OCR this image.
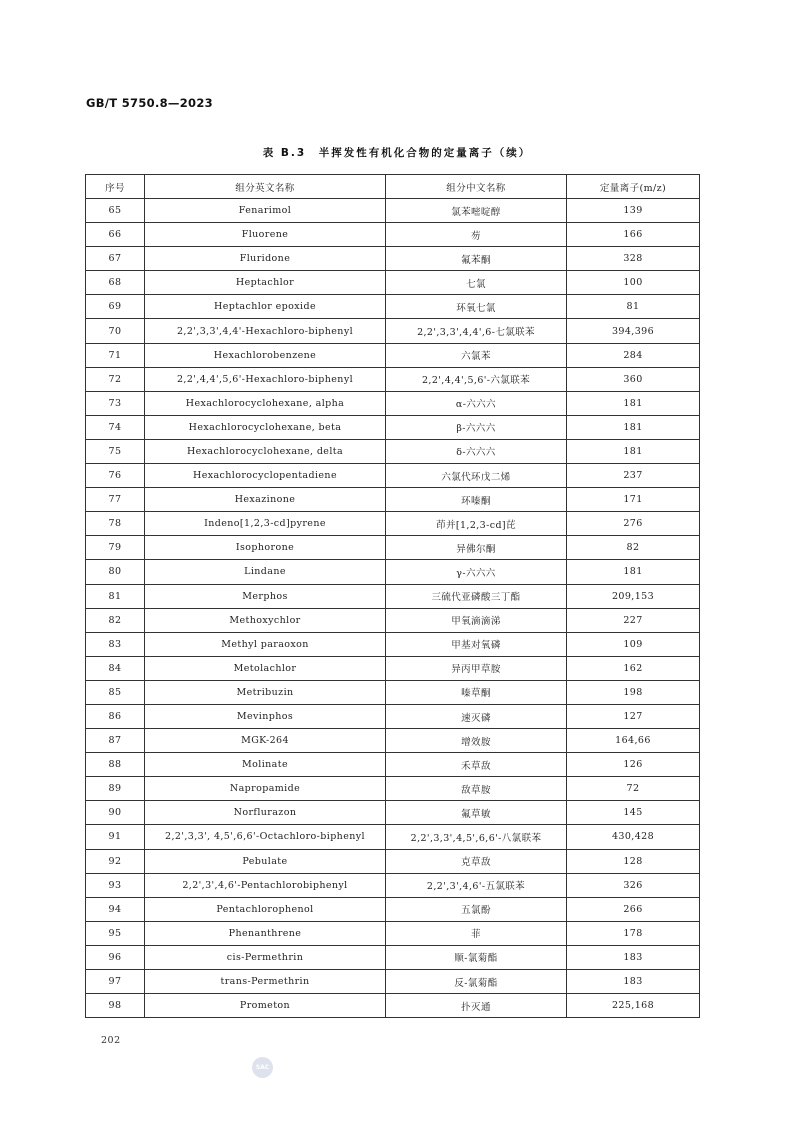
GB/T 5750.8—2023
表 B.3　半挥发性有机化合物的定量离子（续）
序号	组分英文名称	组分中文名称	定量离子(m/z)
65	Fenarimol	氯苯嘧啶醇	139
66	Fluorene	芴	166
67	Fluridone	氟苯酮	328
68	Heptachlor	七氯	100
69	Heptachlor epoxide	环氧七氯	81
70	2,2',3,3',4,4'-Hexachloro-biphenyl	2,2',3,3',4,4',6-七氯联苯	394,396
71	Hexachlorobenzene	六氯苯	284
72	2,2',4,4',5,6'-Hexachloro-biphenyl	2,2',4,4',5,6'-六氯联苯	360
73	Hexachlorocyclohexane, alpha	α-六六六	181
74	Hexachlorocyclohexane, beta	β-六六六	181
75	Hexachlorocyclohexane, delta	δ-六六六	181
76	Hexachlorocyclopentadiene	六氯代环戊二烯	237
77	Hexazinone	环嗪酮	171
78	Indeno[1,2,3-cd]pyrene	茚并[1,2,3-cd]芘	276
79	Isophorone	异佛尔酮	82
80	Lindane	γ-六六六	181
81	Merphos	三硫代亚磷酸三丁酯	209,153
82	Methoxychlor	甲氧滴滴涕	227
83	Methyl paraoxon	甲基对氧磷	109
84	Metolachlor	异丙甲草胺	162
85	Metribuzin	嗪草酮	198
86	Mevinphos	速灭磷	127
87	MGK-264	增效胺	164,66
88	Molinate	禾草敌	126
89	Napropamide	敌草胺	72
90	Norflurazon	氟草敏	145
91	2,2',3,3', 4,5',6,6'-Octachloro-biphenyl	2,2',3,3',4,5',6,6'-八氯联苯	430,428
92	Pebulate	克草敌	128
93	2,2',3',4,6'-Pentachlorobiphenyl	2,2',3',4,6'-五氯联苯	326
94	Pentachlorophenol	五氯酚	266
95	Phenanthrene	菲	178
96	cis-Permethrin	顺-氯菊酯	183
97	trans-Permethrin	反-氯菊酯	183
98	Prometon	扑灭通	225,168
202
SAC
